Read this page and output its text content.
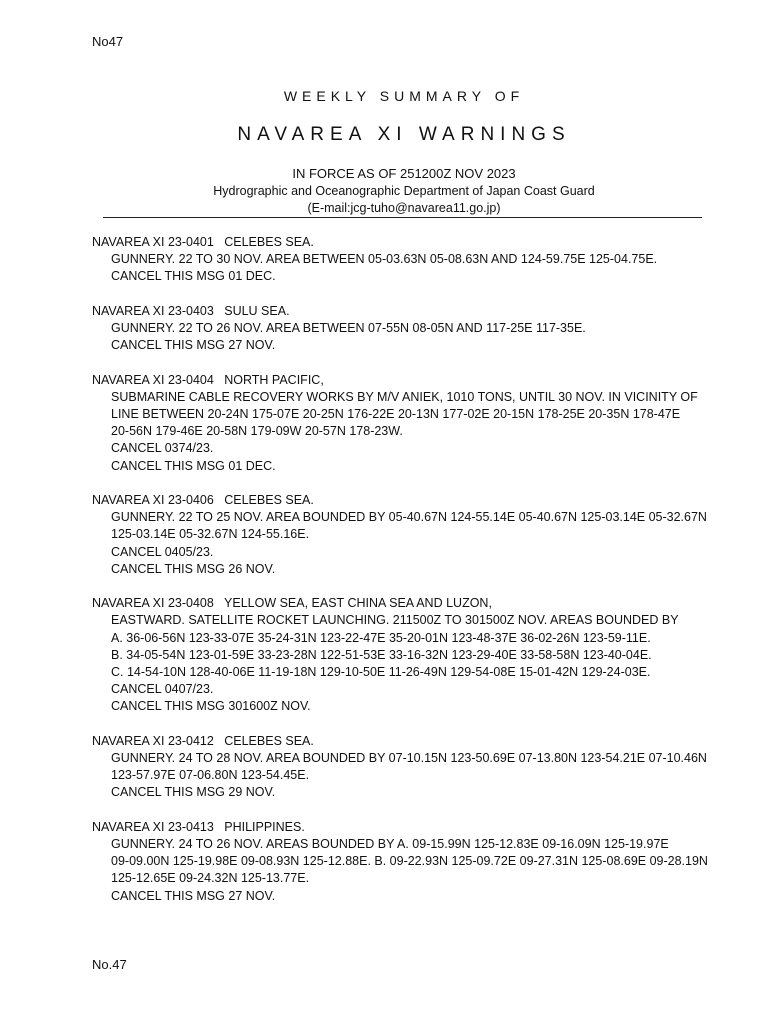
No47
WEEKLY SUMMARY OF
NAVAREA XI WARNINGS
IN FORCE AS OF 251200Z NOV 2023
Hydrographic and Oceanographic Department of Japan Coast Guard
(E-mail:jcg-tuho@navarea11.go.jp)
NAVAREA XI 23-0401   CELEBES SEA.
GUNNERY. 22 TO 30 NOV. AREA BETWEEN 05-03.63N 05-08.63N AND 124-59.75E 125-04.75E.
CANCEL THIS MSG 01 DEC.
NAVAREA XI 23-0403   SULU SEA.
GUNNERY. 22 TO 26 NOV. AREA BETWEEN 07-55N 08-05N AND 117-25E 117-35E.
CANCEL THIS MSG 27 NOV.
NAVAREA XI 23-0404   NORTH PACIFIC,
SUBMARINE CABLE RECOVERY WORKS BY M/V ANIEK, 1010 TONS, UNTIL 30 NOV. IN VICINITY OF
LINE BETWEEN 20-24N 175-07E 20-25N 176-22E 20-13N 177-02E 20-15N 178-25E 20-35N 178-47E
20-56N 179-46E 20-58N 179-09W 20-57N 178-23W.
CANCEL 0374/23.
CANCEL THIS MSG 01 DEC.
NAVAREA XI 23-0406   CELEBES SEA.
GUNNERY. 22 TO 25 NOV. AREA BOUNDED BY 05-40.67N 124-55.14E 05-40.67N 125-03.14E 05-32.67N
125-03.14E 05-32.67N 124-55.16E.
CANCEL 0405/23.
CANCEL THIS MSG 26 NOV.
NAVAREA XI 23-0408   YELLOW SEA, EAST CHINA SEA AND LUZON,
EASTWARD. SATELLITE ROCKET LAUNCHING. 211500Z TO 301500Z NOV. AREAS BOUNDED BY
A. 36-06-56N 123-33-07E 35-24-31N 123-22-47E 35-20-01N 123-48-37E 36-02-26N 123-59-11E.
B. 34-05-54N 123-01-59E 33-23-28N 122-51-53E 33-16-32N 123-29-40E 33-58-58N 123-40-04E.
C. 14-54-10N 128-40-06E 11-19-18N 129-10-50E 11-26-49N 129-54-08E 15-01-42N 129-24-03E.
CANCEL 0407/23.
CANCEL THIS MSG 301600Z NOV.
NAVAREA XI 23-0412   CELEBES SEA.
GUNNERY. 24 TO 28 NOV. AREA BOUNDED BY 07-10.15N 123-50.69E 07-13.80N 123-54.21E 07-10.46N
123-57.97E 07-06.80N 123-54.45E.
CANCEL THIS MSG 29 NOV.
NAVAREA XI 23-0413   PHILIPPINES.
GUNNERY. 24 TO 26 NOV. AREAS BOUNDED BY A. 09-15.99N 125-12.83E 09-16.09N 125-19.97E
09-09.00N 125-19.98E 09-08.93N 125-12.88E. B. 09-22.93N 125-09.72E 09-27.31N 125-08.69E 09-28.19N
125-12.65E 09-24.32N 125-13.77E.
CANCEL THIS MSG 27 NOV.
No.47
